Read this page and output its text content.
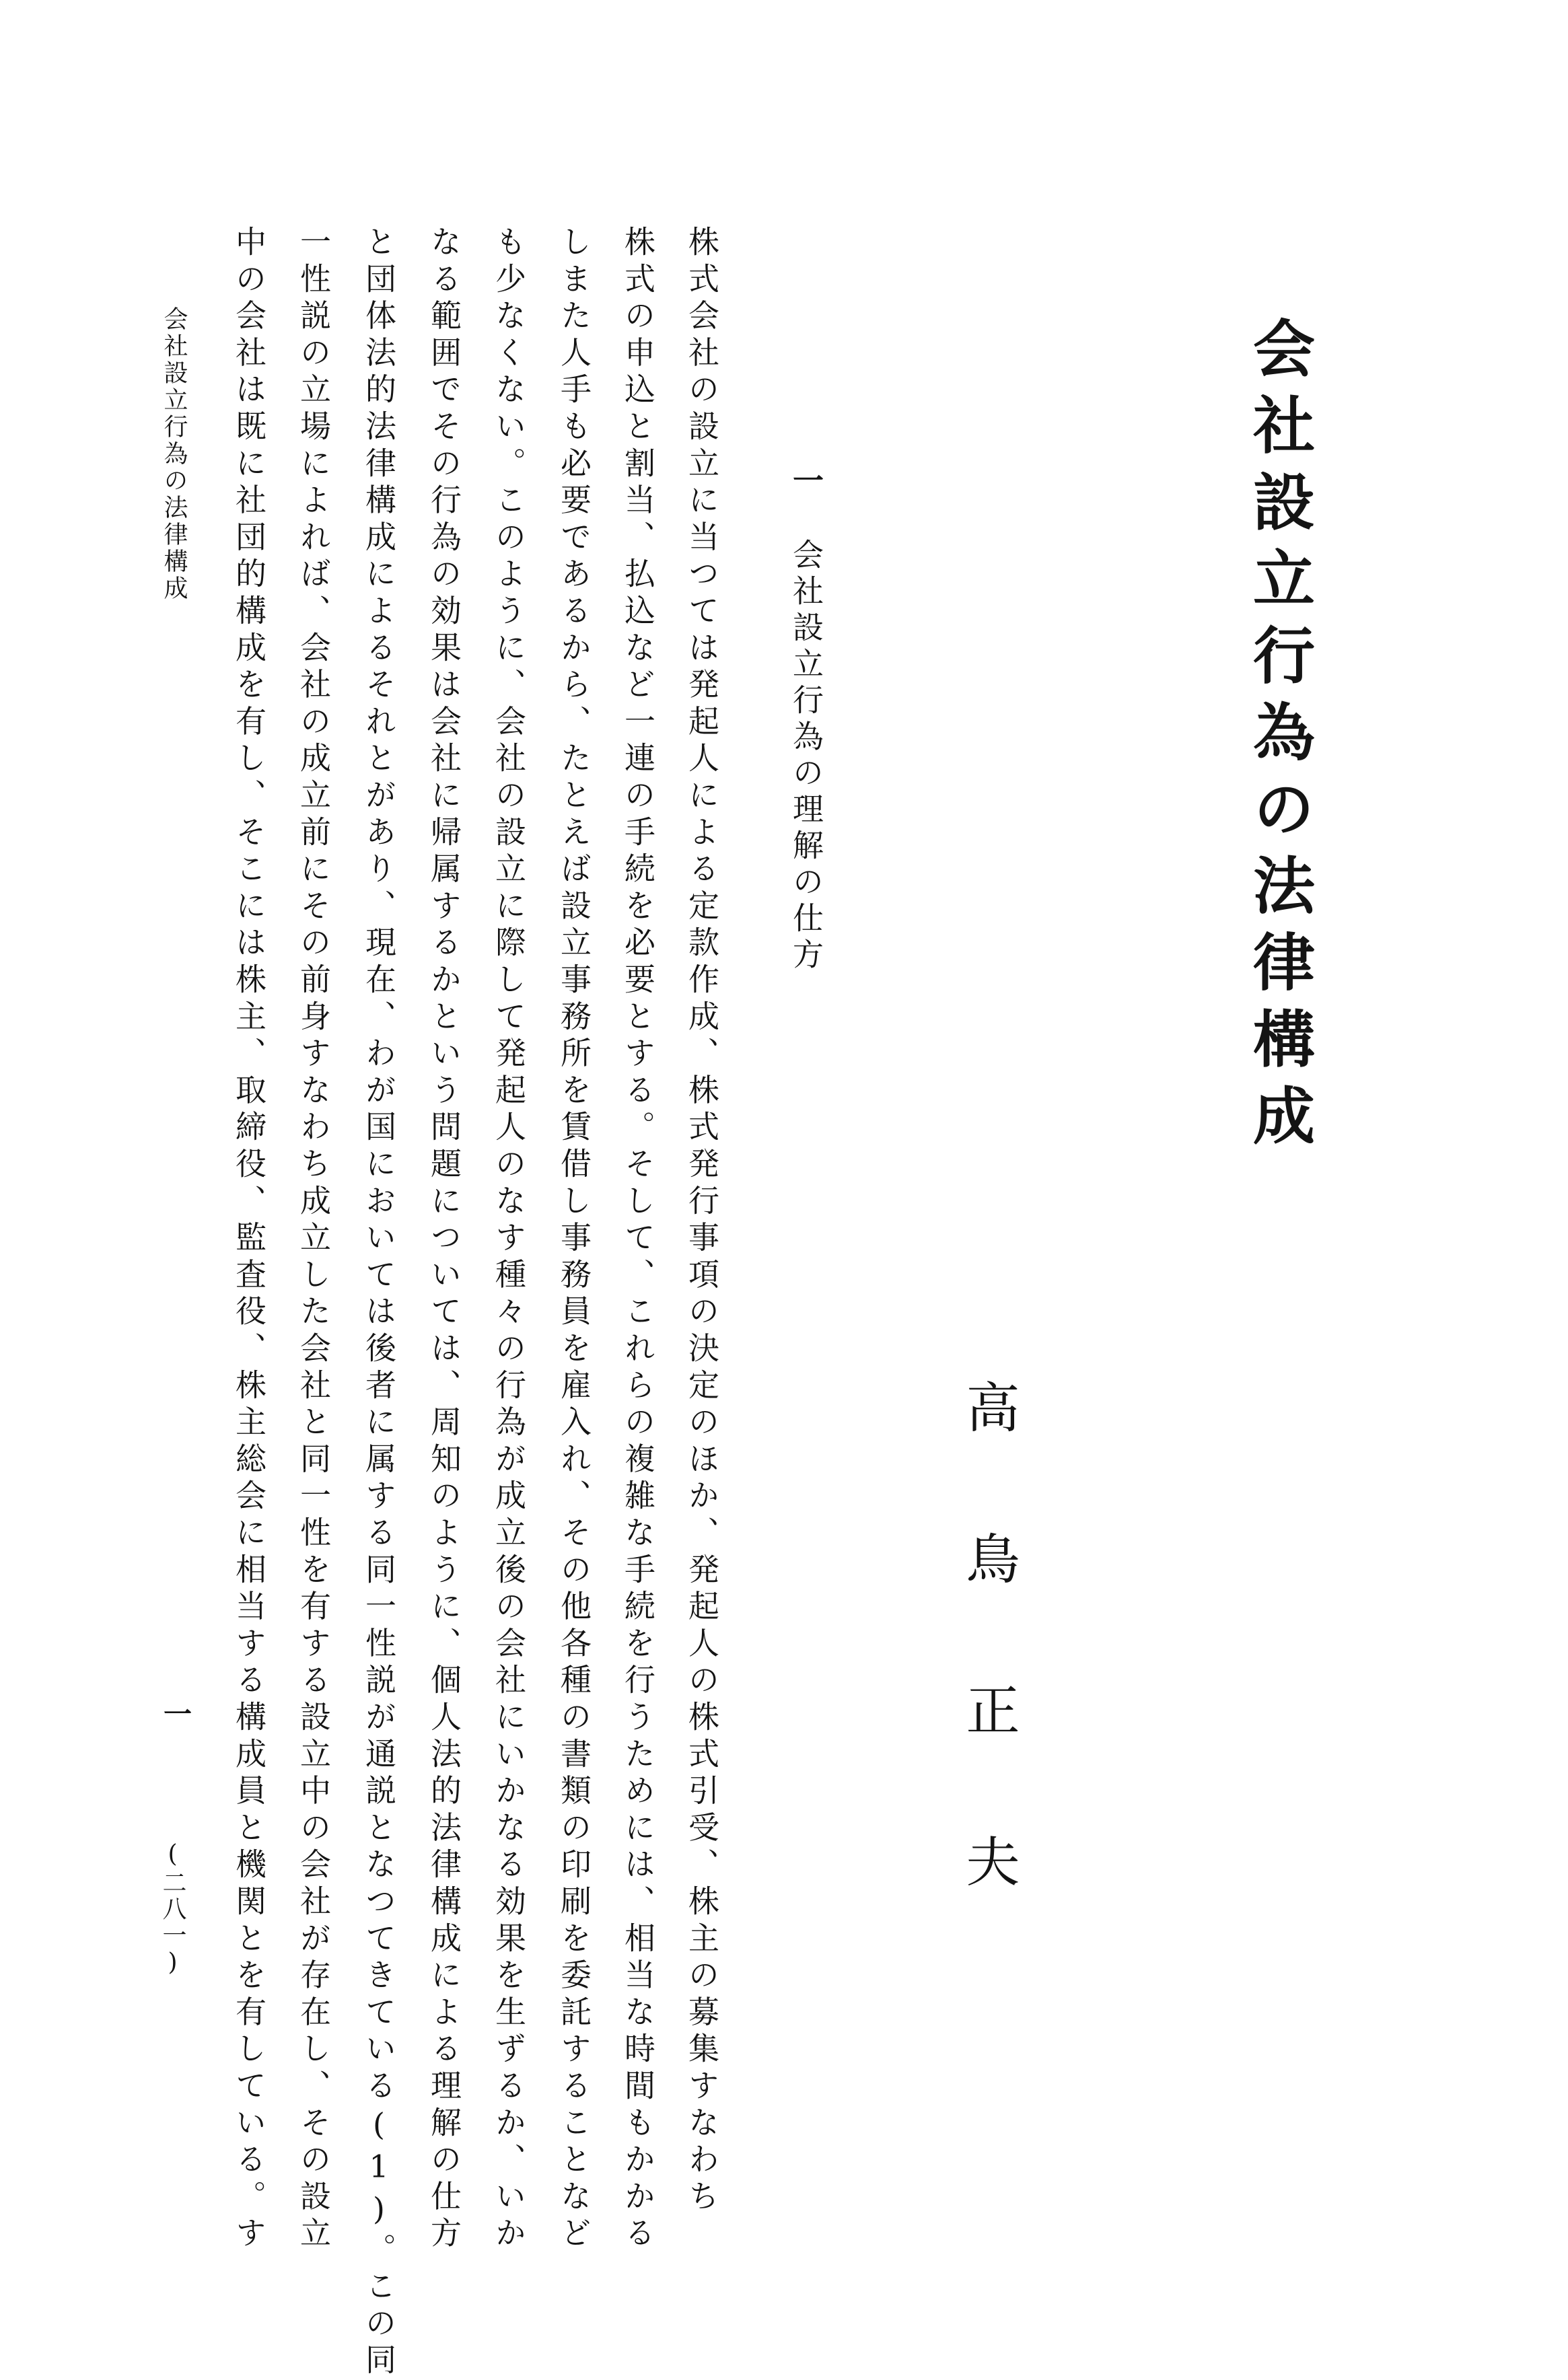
会社設立行為の法律構成
高鳥正夫
一
会社設立行為の理解の仕方
株式会社の設立に当つては発起人による定款作成、株式発行事項の決定のほか、発起人の株式引受、株主の募集すなわち
株式の申込と割当、払込など一連の手続を必要とする。そして、これらの複雑な手続を行うためには、相当な時間もかかる
しまた人手も必要であるから、たとえば設立事務所を賃借し事務員を雇入れ、その他各種の書類の印刷を委託することなど
も少なくない。このように、会社の設立に際して発起人のなす種々の行為が成立後の会社にいかなる効果を生ずるか、いか
なる範囲でその行為の効果は会社に帰属するかという問題については、周知のように、個人法的法律構成による理解の仕方
と団体法的法律構成によるそれとがあり、現在、わが国においては後者に属する同一性説が通説となつてきている(1)。この同
一性説の立場によれば、会社の成立前にその前身すなわち成立した会社と同一性を有する設立中の会社が存在し、その設立
中の会社は既に社団的構成を有し、そこには株主、取締役、監査役、株主総会に相当する構成員と機関とを有している。す
会社設立行為の法律構成
一
(二八一)
